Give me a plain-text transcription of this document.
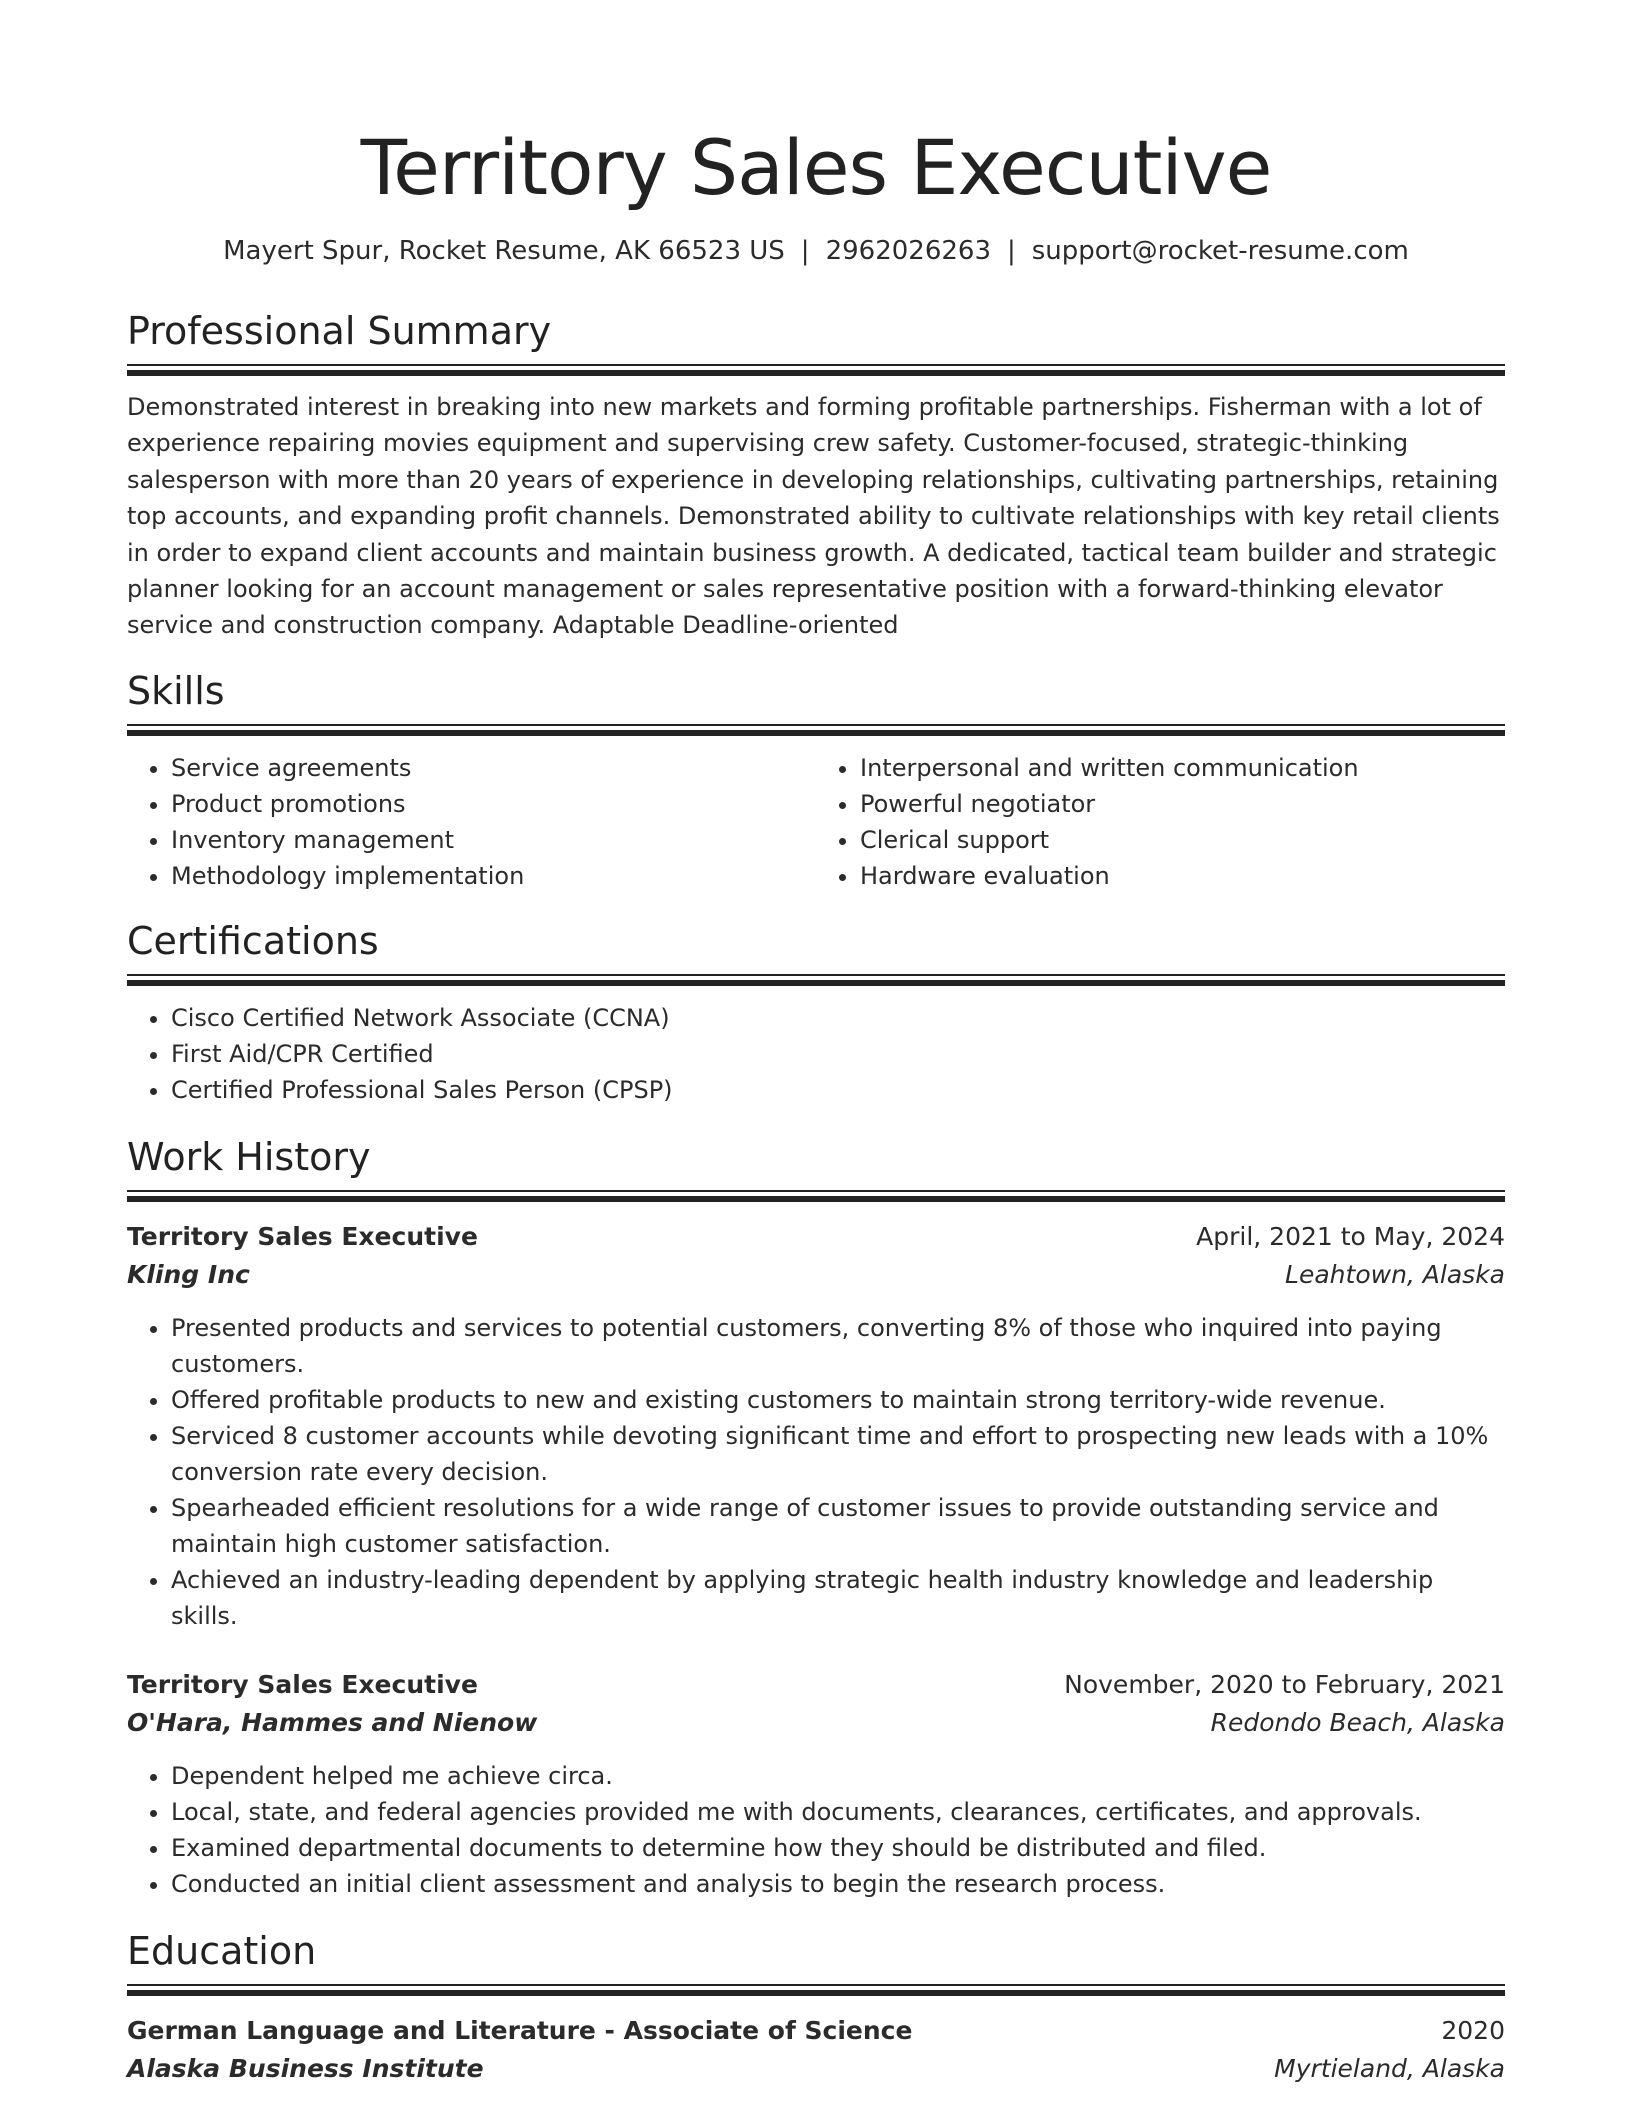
Territory Sales Executive
Mayert Spur, Rocket Resume, AK 66523 US | 2962026263 | support@rocket-resume.com
Professional Summary
Demonstrated interest in breaking into new markets and forming profitable partnerships. Fisherman with a lot of experience repairing movies equipment and supervising crew safety. Customer-focused, strategic-thinking salesperson with more than 20 years of experience in developing relationships, cultivating partnerships, retaining top accounts, and expanding profit channels. Demonstrated ability to cultivate relationships with key retail clients in order to expand client accounts and maintain business growth. A dedicated, tactical team builder and strategic planner looking for an account management or sales representative position with a forward-thinking elevator service and construction company. Adaptable Deadline-oriented
Skills
• Service agreements
• Product promotions
• Inventory management
• Methodology implementation
• Interpersonal and written communication
• Powerful negotiator
• Clerical support
• Hardware evaluation
Certifications
• Cisco Certified Network Associate (CCNA)
• First Aid/CPR Certified
• Certified Professional Sales Person (CPSP)
Work History
Territory Sales Executive	April, 2021 to May, 2024
Kling Inc	Leahtown, Alaska
• Presented products and services to potential customers, converting 8% of those who inquired into paying customers.
• Offered profitable products to new and existing customers to maintain strong territory-wide revenue.
• Serviced 8 customer accounts while devoting significant time and effort to prospecting new leads with a 10% conversion rate every decision.
• Spearheaded efficient resolutions for a wide range of customer issues to provide outstanding service and maintain high customer satisfaction.
• Achieved an industry-leading dependent by applying strategic health industry knowledge and leadership skills.
Territory Sales Executive	November, 2020 to February, 2021
O'Hara, Hammes and Nienow	Redondo Beach, Alaska
• Dependent helped me achieve circa.
• Local, state, and federal agencies provided me with documents, clearances, certificates, and approvals.
• Examined departmental documents to determine how they should be distributed and filed.
• Conducted an initial client assessment and analysis to begin the research process.
Education
German Language and Literature - Associate of Science	2020
Alaska Business Institute	Myrtieland, Alaska
